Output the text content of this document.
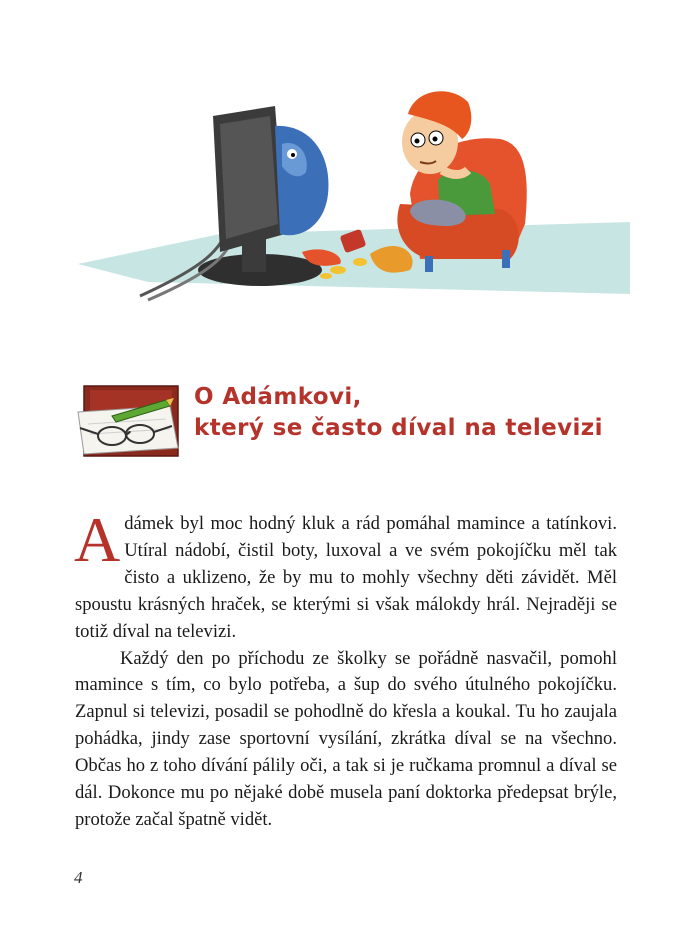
O Adámkovi,
který se často díval na televizi

Adámek byl moc hodný kluk a rád pomáhal mamince a tatínkovi. Utíral nádobí, čistil boty, luxoval a ve svém pokojíčku měl tak čisto a uklizeno, že by mu to mohly všechny děti závidět. Měl spoustu krásných hraček, se kterými si však málokdy hrál. Nejraději se totiž díval na televizi.

Každý den po příchodu ze školky se pořádně nasvačil, pomohl mamince s tím, co bylo potřeba, a šup do svého útulného pokojíčku. Zapnul si televizi, posadil se pohodlně do křesla a koukal. Tu ho zaujala pohádka, jindy zase sportovní vysílání, zkrátka díval se na všechno. Občas ho z toho dívání pálily oči, a tak si je ručkama promnul a díval se dál. Dokonce mu po nějaké době musela paní doktorka předepsat brýle, protože začal špatně vidět.

4
